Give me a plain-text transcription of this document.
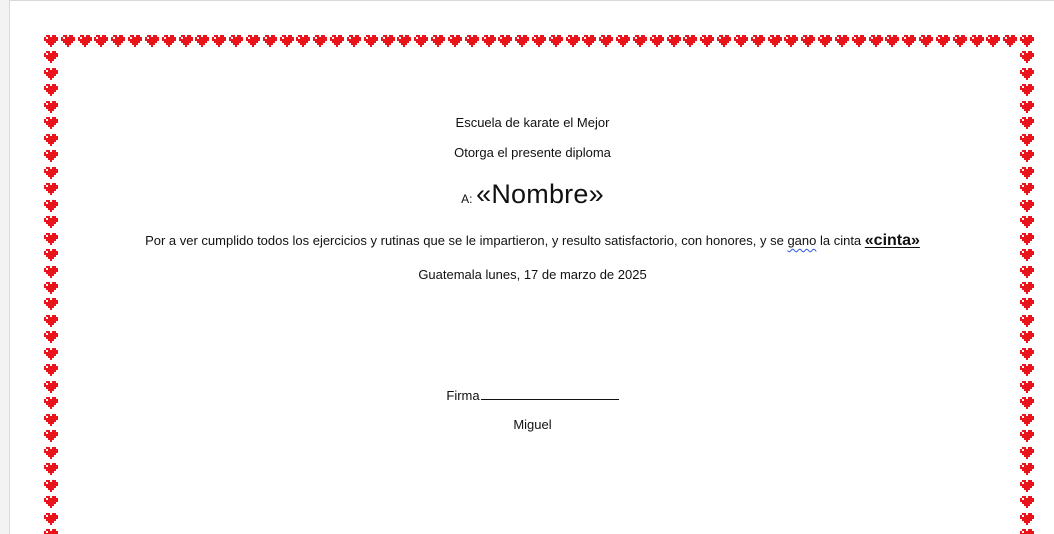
Escuela de karate el Mejor
Otorga el presente diploma
A: «Nombre»
Por a ver cumplido todos los ejercicios y rutinas que se le impartieron, y resulto satisfactorio, con honores, y se gano la cinta «cinta»
Guatemala lunes, 17 de marzo de 2025
Firma
Miguel
